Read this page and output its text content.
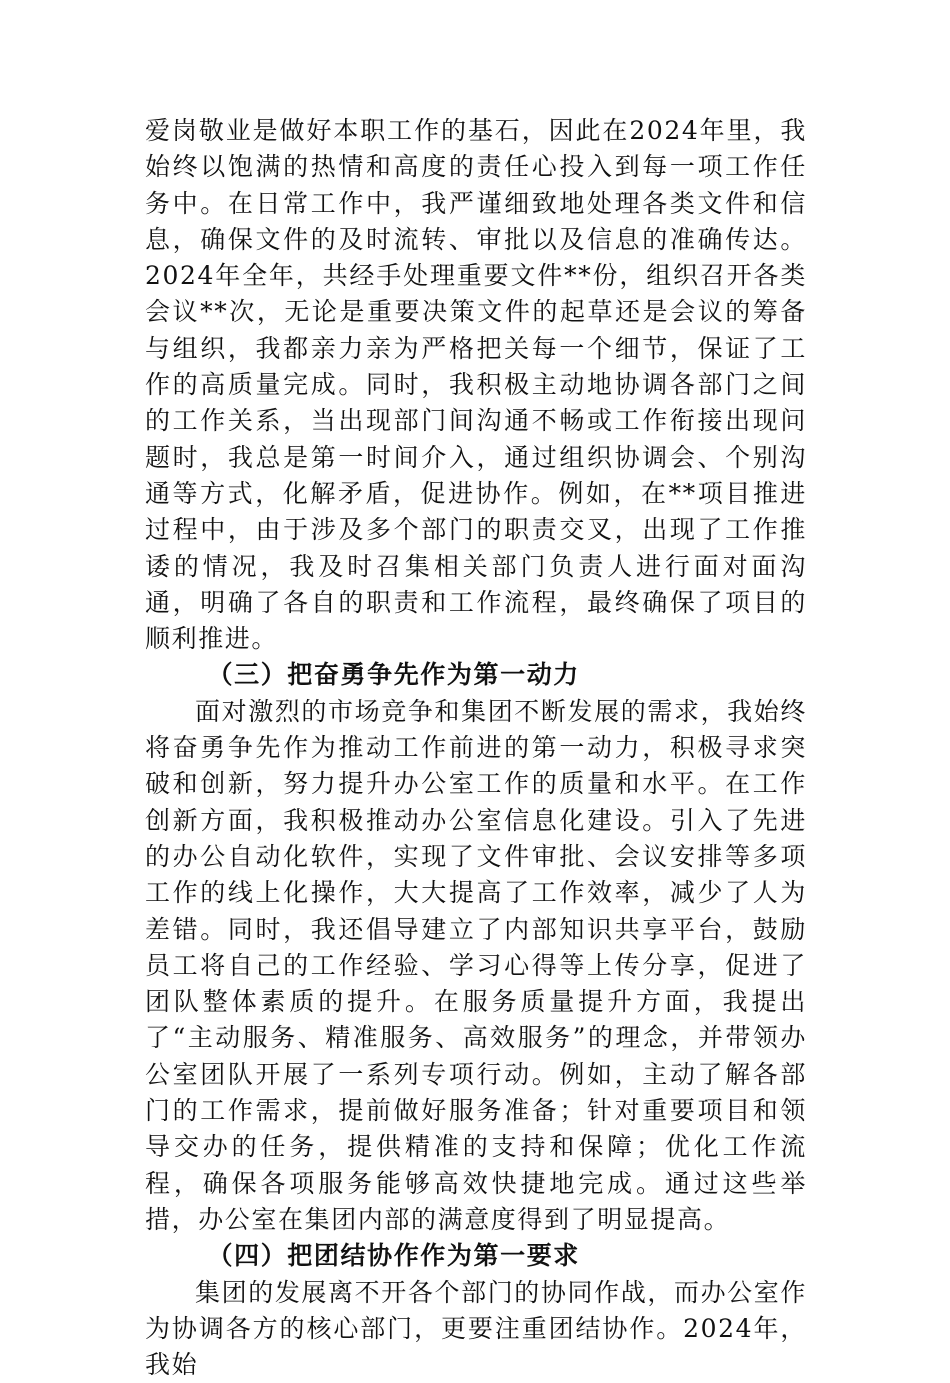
爱岗敬业是做好本职工作的基石，因此在2024年里，我始终以饱满的热情和高度的责任心投入到每一项工作任务中。在日常工作中，我严谨细致地处理各类文件和信息，确保文件的及时流转、审批以及信息的准确传达。2024年全年，共经手处理重要文件**份，组织召开各类会议**次，无论是重要决策文件的起草还是会议的筹备与组织，我都亲力亲为严格把关每一个细节，保证了工作的高质量完成。同时，我积极主动地协调各部门之间的工作关系，当出现部门间沟通不畅或工作衔接出现问题时，我总是第一时间介入，通过组织协调会、个别沟通等方式，化解矛盾，促进协作。例如，在**项目推进过程中，由于涉及多个部门的职责交叉，出现了工作推诿的情况，我及时召集相关部门负责人进行面对面沟通，明确了各自的职责和工作流程，最终确保了项目的顺利推进。

（三）把奋勇争先作为第一动力

面对激烈的市场竞争和集团不断发展的需求，我始终将奋勇争先作为推动工作前进的第一动力，积极寻求突破和创新，努力提升办公室工作的质量和水平。在工作创新方面，我积极推动办公室信息化建设。引入了先进的办公自动化软件，实现了文件审批、会议安排等多项工作的线上化操作，大大提高了工作效率，减少了人为差错。同时，我还倡导建立了内部知识共享平台，鼓励员工将自己的工作经验、学习心得等上传分享，促进了团队整体素质的提升。在服务质量提升方面，我提出了“主动服务、精准服务、高效服务”的理念，并带领办公室团队开展了一系列专项行动。例如，主动了解各部门的工作需求，提前做好服务准备；针对重要项目和领导交办的任务，提供精准的支持和保障；优化工作流程，确保各项服务能够高效快捷地完成。通过这些举措，办公室在集团内部的满意度得到了明显提高。

（四）把团结协作作为第一要求

集团的发展离不开各个部门的协同作战，而办公室作为协调各方的核心部门，更要注重团结协作。2024年，我始
